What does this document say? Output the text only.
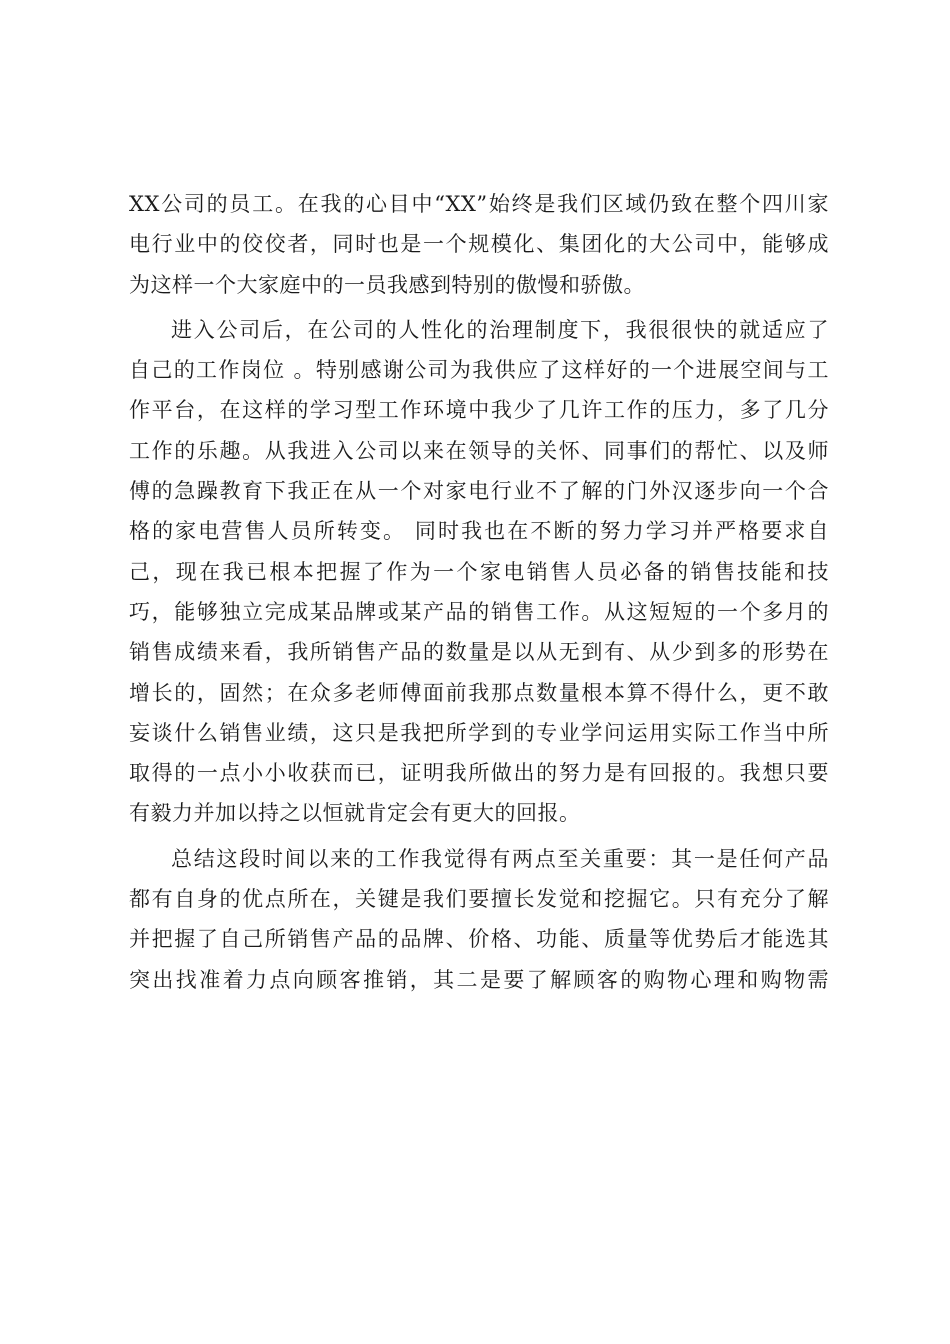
XX公司的员工。在我的心目中“XX”始终是我们区域仍致在整个四川家
电行业中的佼佼者，同时也是一个规模化、集团化的大公司中，能够成
为这样一个大家庭中的一员我感到特别的傲慢和骄傲。
进入公司后，在公司的人性化的治理制度下，我很很快的就适应了
自己的工作岗位 。特别感谢公司为我供应了这样好的一个进展空间与工
作平台，在这样的学习型工作环境中我少了几许工作的压力，多了几分
工作的乐趣。从我进入公司以来在领导的关怀、同事们的帮忙、以及师
傅的急躁教育下我正在从一个对家电行业不了解的门外汉逐步向一个合
格的家电营售人员所转变。 同时我也在不断的努力学习并严格要求自
己，现在我已根本把握了作为一个家电销售人员必备的销售技能和技
巧，能够独立完成某品牌或某产品的销售工作。从这短短的一个多月的
销售成绩来看，我所销售产品的数量是以从无到有、从少到多的形势在
增长的，固然；在众多老师傅面前我那点数量根本算不得什么，更不敢
妄谈什么销售业绩，这只是我把所学到的专业学问运用实际工作当中所
取得的一点小小收获而已，证明我所做出的努力是有回报的。我想只要
有毅力并加以持之以恒就肯定会有更大的回报。
总结这段时间以来的工作我觉得有两点至关重要：其一是任何产品
都有自身的优点所在，关键是我们要擅长发觉和挖掘它。只有充分了解
并把握了自己所销售产品的品牌、价格、功能、质量等优势后才能选其
突出找准着力点向顾客推销，其二是要了解顾客的购物心理和购物需
